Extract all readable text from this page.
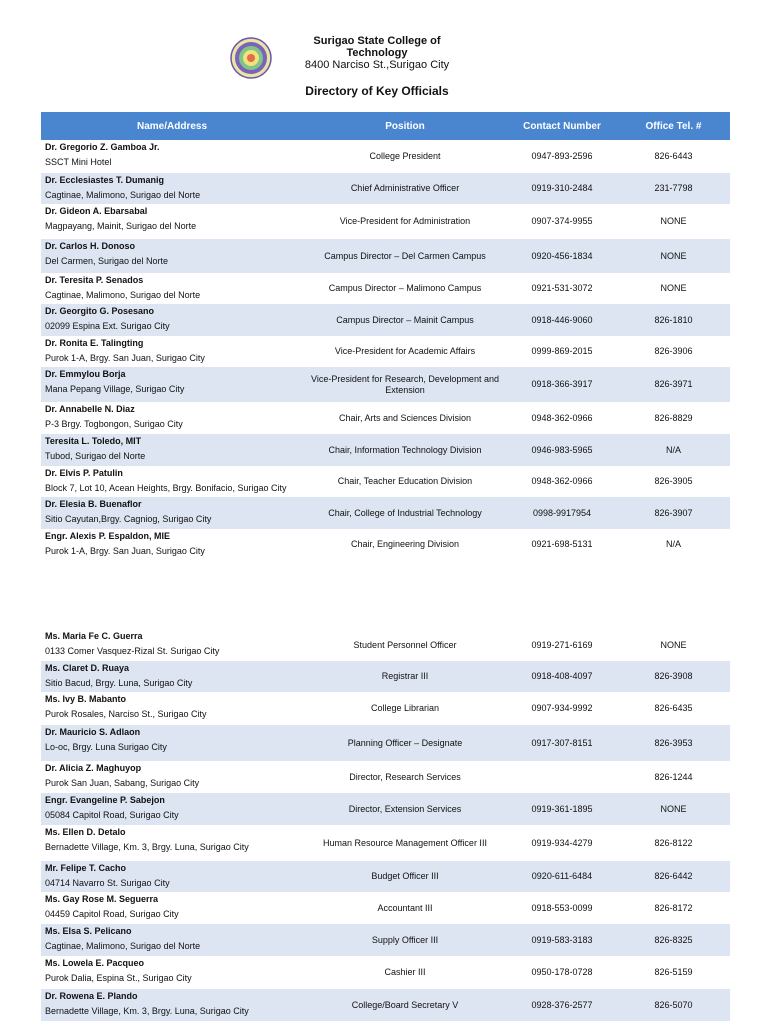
Surigao State College of Technology
8400 Narciso St.,Surigao City
Directory of Key Officials
Name/Address	Position	Contact Number	Office Tel. #

Dr. Gregorio Z. Gamboa Jr.
SSCT Mini Hotel	College President	0947-893-2596	826-6443

Dr. Ecclesiastes T. Dumanig
Cagtinae, Malimono, Surigao del Norte	Chief Administrative Officer	0919-310-2484	231-7798

Dr. Gideon A. Ebarsabal
Magpayang, Mainit, Surigao del Norte	Vice-President for Administration	0907-374-9955	NONE

Dr. Carlos H. Donoso
Del Carmen, Surigao del Norte	Campus Director – Del Carmen Campus	0920-456-1834	NONE

Dr. Teresita P. Senados
Cagtinae, Malimono, Surigao del Norte	Campus Director – Malimono Campus	0921-531-3072	NONE

Dr. Georgito G. Posesano
02099 Espina Ext. Surigao City	Campus Director – Mainit Campus	0918-446-9060	826-1810

Dr. Ronita E. Talingting
Purok 1-A, Brgy. San Juan, Surigao City	Vice-President for Academic Affairs	0999-869-2015	826-3906

Dr. Emmylou Borja
Mana Pepang Village, Surigao City	Vice-President for Research, Development and Extension	0918-366-3917	826-3971

Dr. Annabelle N. Diaz
P-3 Brgy. Togbongon, Surigao City	Chair, Arts and Sciences Division	0948-362-0966	826-8829

Teresita L. Toledo, MIT
Tubod, Surigao del Norte	Chair, Information Technology Division	0946-983-5965	N/A

Dr. Elvis P. Patulin
Block 7, Lot 10, Acean Heights, Brgy. Bonifacio, Surigao City	Chair, Teacher Education Division	0948-362-0966	826-3905

Dr. Elesia B. Buenaflor
Sitio Cayutan,Brgy. Cagniog, Surigao City	Chair, College of Industrial Technology	0998-9917954	826-3907

Engr. Alexis P. Espaldon, MIE
Purok 1-A, Brgy. San Juan, Surigao City	Chair, Engineering Division	0921-698-5131	N/A
Ms. Maria Fe C. Guerra
0133 Comer Vasquez-Rizal St. Surigao City	Student Personnel Officer	0919-271-6169	NONE

Ms. Claret D. Ruaya
Sitio Bacud, Brgy. Luna, Surigao City	Registrar III	0918-408-4097	826-3908

Ms. Ivy B. Mabanto
Purok Rosales, Narciso St., Surigao City	College Librarian	0907-934-9992	826-6435

Dr. Mauricio S. Adlaon
Lo-oc, Brgy. Luna Surigao City	Planning Officer – Designate	0917-307-8151	826-3953

Dr. Alicia Z. Maghuyop
Purok San Juan, Sabang, Surigao City	Director, Research Services		826-1244

Engr. Evangeline P. Sabejon
05084 Capitol Road, Surigao City	Director, Extension Services	0919-361-1895	NONE

Ms. Ellen D. Detalo
Bernadette Village, Km. 3, Brgy. Luna, Surigao City	Human Resource Management Officer III	0919-934-4279	826-8122

Mr. Felipe T. Cacho
04714 Navarro St. Surigao City	Budget Officer III	0920-611-6484	826-6442

Ms. Gay Rose M. Seguerra
04459 Capitol Road, Surigao City	Accountant III	0918-553-0099	826-8172

Ms. Elsa S. Pelicano
Cagtinae, Malimono, Surigao del Norte	Supply Officer III	0919-583-3183	826-8325

Ms. Lowela E. Pacqueo
Purok Dalia, Espina St., Surigao City	Cashier III	0950-178-0728	826-5159

Dr. Rowena E. Plando
Bernadette Village, Km. 3, Brgy. Luna, Surigao City	College/Board Secretary V	0928-376-2577	826-5070
